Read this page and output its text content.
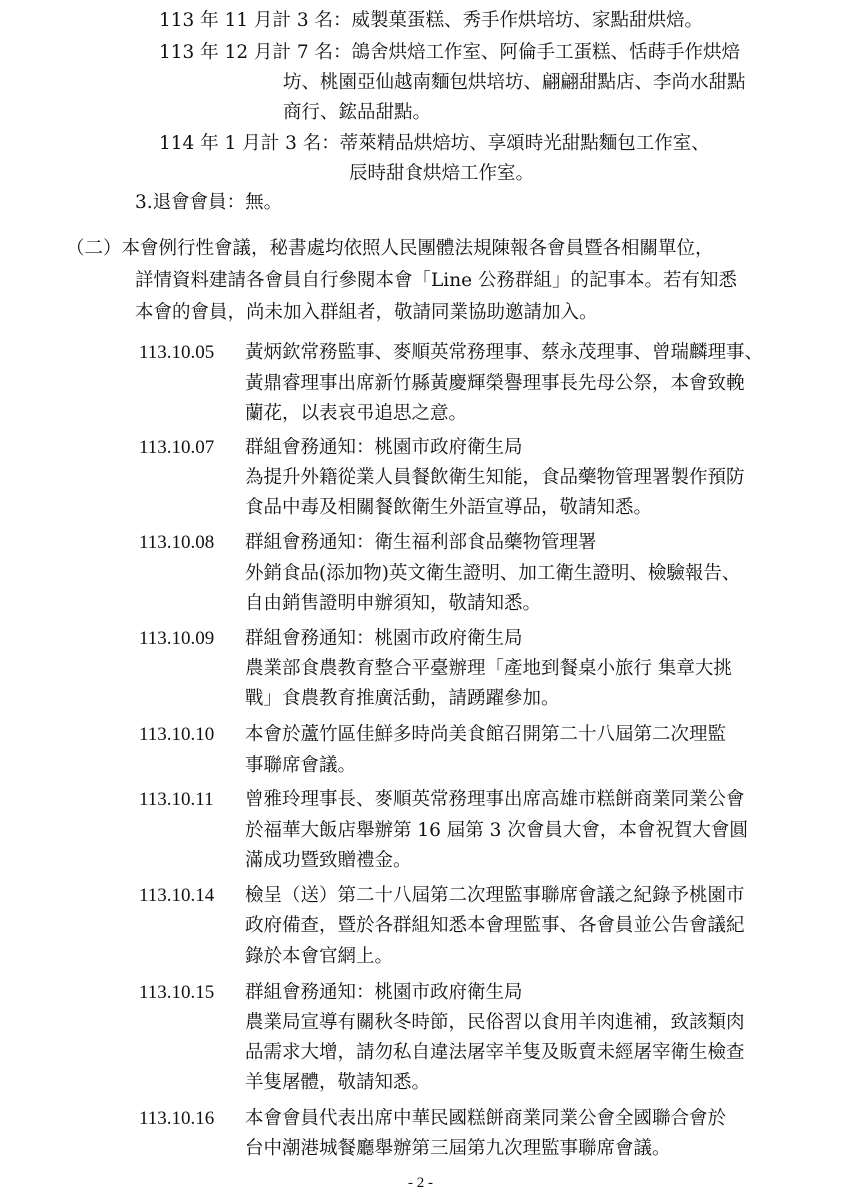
113 年 11 月計 3 名：威製菓蛋糕、秀手作烘培坊、家點甜烘焙。
113 年 12 月計 7 名：鴿舍烘焙工作室、阿倫手工蛋糕、恬蒔手作烘焙
坊、桃園亞仙越南麵包烘培坊、翩翩甜點店、李尚水甜點
商行、鋐品甜點。
114 年 1 月計 3 名：蒂萊精品烘焙坊、享頌時光甜點麵包工作室、
辰時甜食烘焙工作室。
3.退會會員：無。
（二）本會例行性會議，秘書處均依照人民團體法規陳報各會員暨各相關單位，
詳情資料建請各會員自行參閱本會「Line 公務群組」的記事本。若有知悉
本會的會員，尚未加入群組者，敬請同業協助邀請加入。
113.10.05 黃炳欽常務監事、麥順英常務理事、蔡永茂理事、曾瑞麟理事、
黃鼎睿理事出席新竹縣黃慶輝榮譽理事長先母公祭，本會致輓
蘭花，以表哀弔追思之意。
113.10.07 群組會務通知：桃園市政府衛生局
為提升外籍從業人員餐飲衛生知能，食品藥物管理署製作預防
食品中毒及相關餐飲衛生外語宣導品，敬請知悉。
113.10.08 群組會務通知：衛生福利部食品藥物管理署
外銷食品(添加物)英文衛生證明、加工衛生證明、檢驗報告、
自由銷售證明申辦須知，敬請知悉。
113.10.09 群組會務通知：桃園市政府衛生局
農業部食農教育整合平臺辦理「產地到餐桌小旅行 集章大挑
戰」食農教育推廣活動，請踴躍參加。
113.10.10 本會於蘆竹區佳鮮多時尚美食館召開第二十八屆第二次理監
事聯席會議。
113.10.11 曾雅玲理事長、麥順英常務理事出席高雄市糕餅商業同業公會
於福華大飯店舉辦第 16 屆第 3 次會員大會，本會祝賀大會圓
滿成功暨致贈禮金。
113.10.14 檢呈（送）第二十八屆第二次理監事聯席會議之紀錄予桃園市
政府備查，暨於各群組知悉本會理監事、各會員並公告會議紀
錄於本會官網上。
113.10.15 群組會務通知：桃園市政府衛生局
農業局宣導有關秋冬時節，民俗習以食用羊肉進補，致該類肉
品需求大增，請勿私自違法屠宰羊隻及販賣未經屠宰衛生檢查
羊隻屠體，敬請知悉。
113.10.16 本會會員代表出席中華民國糕餅商業同業公會全國聯合會於
台中潮港城餐廳舉辦第三屆第九次理監事聯席會議。
- 2 -
